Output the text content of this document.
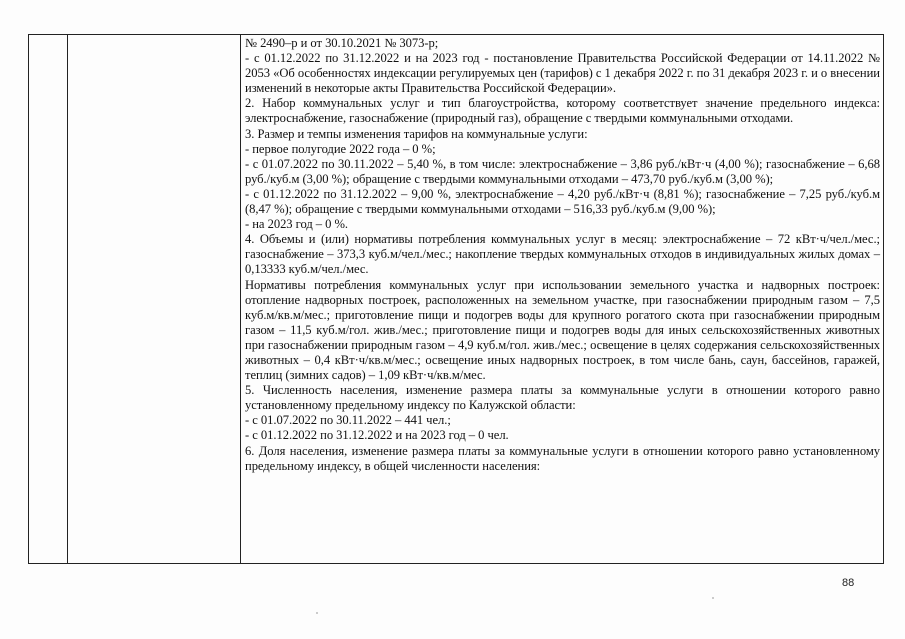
№ 2490–р и от 30.10.2021 № 3073-р;

- с 01.12.2022 по 31.12.2022 и на 2023 год - постановление Правительства Российской Федерации от 14.11.2022 № 2053 «Об особенностях индексации регулируемых цен (тарифов) с 1 декабря 2022 г. по 31 декабря 2023 г. и о внесении изменений в некоторые акты Правительства Российской Федерации».

2. Набор коммунальных услуг и тип благоустройства, которому соответствует значение предельного индекса: электроснабжение, газоснабжение (природный газ), обращение с твердыми коммунальными отходами.

3. Размер и темпы изменения тарифов на коммунальные услуги:

- первое полугодие 2022 года – 0 %;

- с 01.07.2022 по 30.11.2022 – 5,40 %, в том числе: электроснабжение – 3,86 руб./кВт·ч (4,00 %); газоснабжение – 6,68 руб./куб.м (3,00 %); обращение с твердыми коммунальными отходами – 473,70 руб./куб.м (3,00 %);

- с 01.12.2022 по 31.12.2022 – 9,00 %, электроснабжение – 4,20 руб./кВт·ч (8,81 %); газоснабжение – 7,25 руб./куб.м (8,47 %); обращение с твердыми коммунальными отходами – 516,33 руб./куб.м (9,00 %);

- на 2023 год – 0 %.

4. Объемы и (или) нормативы потребления коммунальных услуг в месяц: электроснабжение – 72 кВт·ч/чел./мес.; газоснабжение – 373,3 куб.м/чел./мес.; накопление твердых коммунальных отходов в индивидуальных жилых домах – 0,13333 куб.м/чел./мес.

Нормативы потребления коммунальных услуг при использовании земельного участка и надворных построек: отопление надворных построек, расположенных на земельном участке, при газоснабжении природным газом – 7,5 куб.м/кв.м/мес.; приготовление пищи и подогрев воды для крупного рогатого скота при газоснабжении природным газом – 11,5 куб.м/гол. жив./мес.; приготовление пищи и подогрев воды для иных сельскохозяйственных животных при газоснабжении природным газом – 4,9 куб.м/гол. жив./мес.; освещение в целях содержания сельскохозяйственных животных – 0,4 кВт·ч/кв.м/мес.; освещение иных надворных построек, в том числе бань, саун, бассейнов, гаражей, теплиц (зимних садов) – 1,09 кВт·ч/кв.м/мес.

5. Численность населения, изменение размера платы за коммунальные услуги в отношении которого равно установленному предельному индексу по Калужской области:

- с 01.07.2022 по 30.11.2022 – 441 чел.;

- с 01.12.2022 по 31.12.2022 и на 2023 год – 0 чел.

6. Доля населения, изменение размера платы за коммунальные услуги в отношении которого равно установленному предельному индексу, в общей численности населения:

88
